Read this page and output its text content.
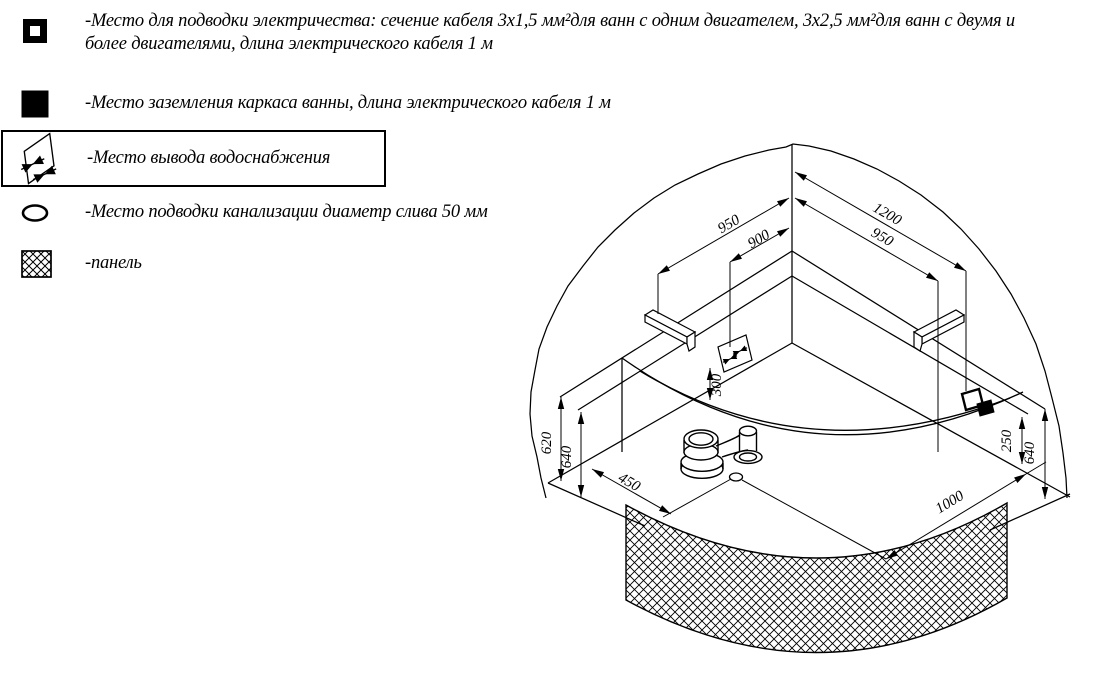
1200
950
950
900
300
620
640
450
250
640
1000
-Место для подводки электричества: сечение кабеля 3х1,5 мм²для ванн с одним двигателем, 3х2,5 мм²для ванн с двумя и
более двигателями, длина электрического кабеля 1 м
-Место заземления каркаса ванны, длина электрического кабеля 1 м
-Место вывода водоснабжения
-Место подводки канализации диаметр слива 50 мм
-панель
